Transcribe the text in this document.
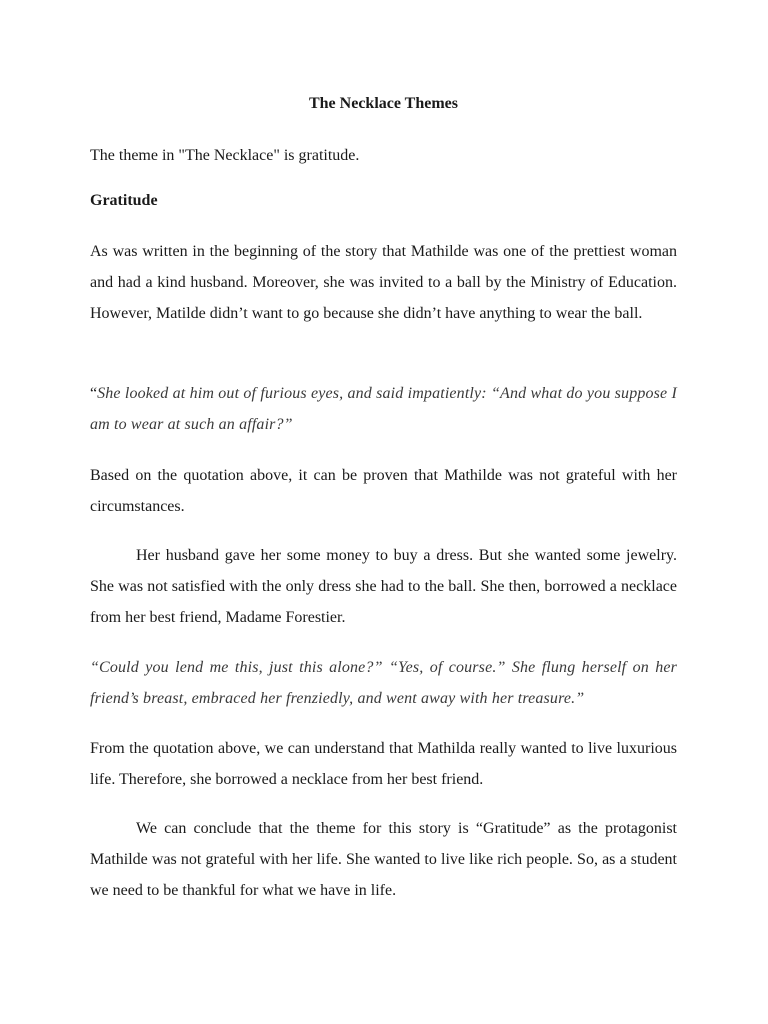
The Necklace Themes

The theme in "The Necklace" is gratitude.

Gratitude

As was written in the beginning of the story that Mathilde was one of the prettiest woman and had a kind husband. Moreover, she was invited to a ball by the Ministry of Education. However, Matilde didn’t want to go because she didn’t have anything to wear the ball.

“She looked at him out of furious eyes, and said impatiently: “And what do you suppose I am to wear at such an affair?”

Based on the quotation above, it can be proven that Mathilde was not grateful with her circumstances.

Her husband gave her some money to buy a dress. But she wanted some jewelry. She was not satisfied with the only dress she had to the ball. She then, borrowed a necklace from her best friend, Madame Forestier.

“Could you lend me this, just this alone?” “Yes, of course.” She flung herself on her friend’s breast, embraced her frenziedly, and went away with her treasure.”

From the quotation above, we can understand that Mathilda really wanted to live luxurious life. Therefore, she borrowed a necklace from her best friend.

We can conclude that the theme for this story is “Gratitude” as the protagonist Mathilde was not grateful with her life. She wanted to live like rich people. So, as a student we need to be thankful for what we have in life.
